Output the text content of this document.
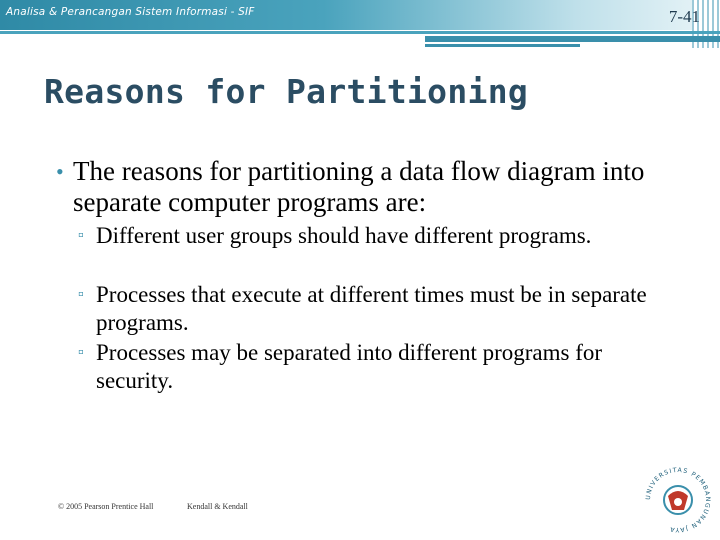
Analisa & Perancangan Sistem Informasi - SIF	7-41
Reasons for Partitioning
• The reasons for partitioning a data flow diagram into separate computer programs are:
▫ Different user groups should have different programs.
▫ Processes that execute at different times must be in separate programs.
▫ Processes may be separated into different programs for security.
© 2005 Pearson Prentice Hall	Kendall & Kendall
UNIVERSITAS PEMBANGUNAN JAYA
